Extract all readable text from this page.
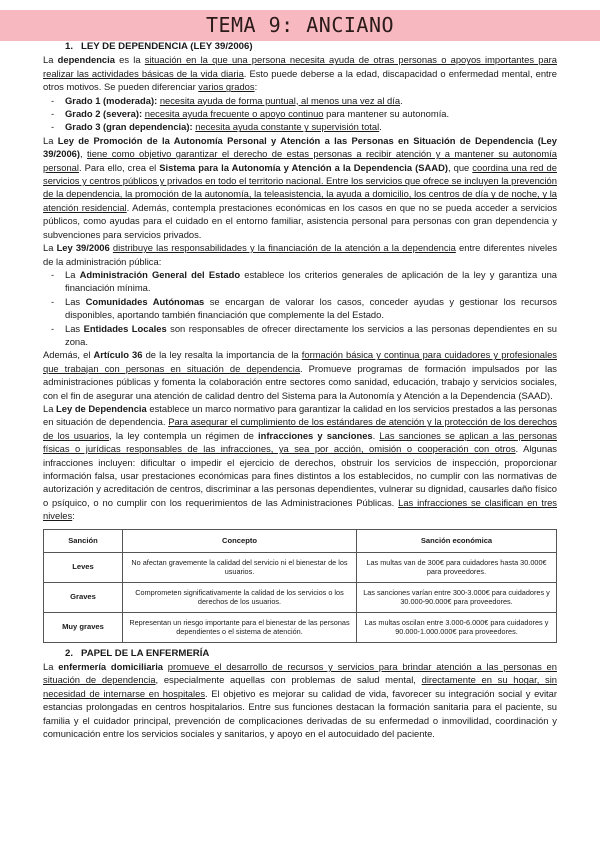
TEMA 9: ANCIANO

1. LEY DE DEPENDENCIA (LEY 39/2006)

La dependencia es la situación en la que una persona necesita ayuda de otras personas o apoyos importantes para realizar las actividades básicas de la vida diaria. Esto puede deberse a la edad, discapacidad o enfermedad mental, entre otros motivos. Se pueden diferenciar varios grados:

- Grado 1 (moderada): necesita ayuda de forma puntual, al menos una vez al día.
- Grado 2 (severa): necesita ayuda frecuente o apoyo continuo para mantener su autonomía.
- Grado 3 (gran dependencia): necesita ayuda constante y supervisión total.

La Ley de Promoción de la Autonomía Personal y Atención a las Personas en Situación de Dependencia (Ley 39/2006), tiene como objetivo garantizar el derecho de estas personas a recibir atención y a mantener su autonomía personal. Para ello, crea el Sistema para la Autonomía y Atención a la Dependencia (SAAD), que coordina una red de servicios y centros públicos y privados en todo el territorio nacional. Entre los servicios que ofrece se incluyen la prevención de la dependencia, la promoción de la autonomía, la teleasistencia, la ayuda a domicilio, los centros de día y de noche, y la atención residencial. Además, contempla prestaciones económicas en los casos en que no se pueda acceder a servicios públicos, como ayudas para el cuidado en el entorno familiar, asistencia personal para personas con gran dependencia y subvenciones para servicios privados.

La Ley 39/2006 distribuye las responsabilidades y la financiación de la atención a la dependencia entre diferentes niveles de la administración pública:

- La Administración General del Estado establece los criterios generales de aplicación de la ley y garantiza una financiación mínima.
- Las Comunidades Autónomas se encargan de valorar los casos, conceder ayudas y gestionar los recursos disponibles, aportando también financiación que complemente la del Estado.
- Las Entidades Locales son responsables de ofrecer directamente los servicios a las personas dependientes en su zona.

Además, el Artículo 36 de la ley resalta la importancia de la formación básica y continua para cuidadores y profesionales que trabajan con personas en situación de dependencia. Promueve programas de formación impulsados por las administraciones públicas y fomenta la colaboración entre sectores como sanidad, educación, trabajo y servicios sociales, con el fin de asegurar una atención de calidad dentro del Sistema para la Autonomía y Atención a la Dependencia (SAAD).

La Ley de Dependencia establece un marco normativo para garantizar la calidad en los servicios prestados a las personas en situación de dependencia. Para asegurar el cumplimiento de los estándares de atención y la protección de los derechos de los usuarios, la ley contempla un régimen de infracciones y sanciones. Las sanciones se aplican a las personas físicas o jurídicas responsables de las infracciones, ya sea por acción, omisión o cooperación con otros. Algunas infracciones incluyen: dificultar o impedir el ejercicio de derechos, obstruir los servicios de inspección, proporcionar información falsa, usar prestaciones económicas para fines distintos a los establecidos, no cumplir con las normativas de autorización y acreditación de centros, discriminar a las personas dependientes, vulnerar su dignidad, causarles daño físico o psíquico, o no cumplir con los requerimientos de las Administraciones Públicas. Las infracciones se clasifican en tres niveles:

Sanción	Concepto	Sanción económica
Leves	No afectan gravemente la calidad del servicio ni el bienestar de los usuarios.	Las multas van de 300€ para cuidadores hasta 30.000€ para proveedores.
Graves	Comprometen significativamente la calidad de los servicios o los derechos de los usuarios.	Las sanciones varían entre 300-3.000€ para cuidadores y 30.000-90.000€ para proveedores.
Muy graves	Representan un riesgo importante para el bienestar de las personas dependientes o el sistema de atención.	Las multas oscilan entre 3.000-6.000€ para cuidadores y 90.000-1.000.000€ para proveedores.

2. PAPEL DE LA ENFERMERÍA

La enfermería domiciliaria promueve el desarrollo de recursos y servicios para brindar atención a las personas en situación de dependencia, especialmente aquellas con problemas de salud mental, directamente en su hogar, sin necesidad de internarse en hospitales. El objetivo es mejorar su calidad de vida, favorecer su integración social y evitar estancias prolongadas en centros hospitalarios. Entre sus funciones destacan la formación sanitaria para el paciente, su familia y el cuidador principal, prevención de complicaciones derivadas de su enfermedad o inmovilidad, coordinación y comunicación entre los servicios sociales y sanitarios, y apoyo en el autocuidado del paciente.
